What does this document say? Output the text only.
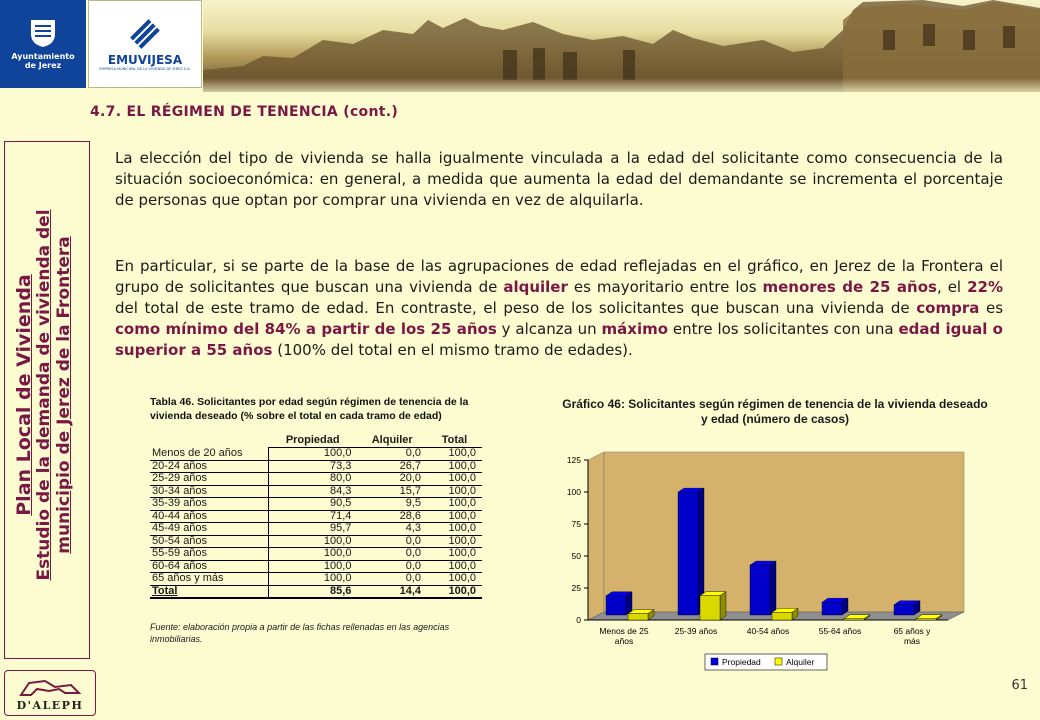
Ayuntamiento
de Jerez	EMUVIJESA
EMPRESA MUNICIPAL DE LA VIVIENDA DE JEREZ S.A.
4.7. EL RÉGIMEN DE TENENCIA (cont.)
Plan Local de Vivienda Estudio de la demanda de vivienda del municipio de Jerez de la Frontera
D'ALEPH

La elección del tipo de vivienda se halla igualmente vinculada a la edad del solicitante como consecuencia de la situación socioeconómica: en general, a medida que aumenta la edad del demandante se incrementa el porcentaje de personas que optan por comprar una vivienda en vez de alquilarla.

En particular, si se parte de la base de las agrupaciones de edad reflejadas en el gráfico, en Jerez de la Frontera el grupo de solicitantes que buscan una vivienda de alquiler es mayoritario entre los menores de 25 años, el 22% del total de este tramo de edad. En contraste, el peso de los solicitantes que buscan una vivienda de compra es como mínimo del 84% a partir de los 25 años y alcanza un máximo entre los solicitantes con una edad igual o superior a 55 años (100% del total en el mismo tramo de edades).

Tabla 46. Solicitantes por edad según régimen de tenencia de la vivienda deseado (% sobre el total en cada tramo de edad)
	Propiedad	Alquiler	Total
Menos de 20 años	100,0	0,0	100,0
20-24 años	73,3	26,7	100,0
25-29 años	80,0	20,0	100,0
30-34 años	84,3	15,7	100,0
35-39 años	90,5	9,5	100,0
40-44 años	71,4	28,6	100,0
45-49 años	95,7	4,3	100,0
50-54 años	100,0	0,0	100,0
55-59 años	100,0	0,0	100,0
60-64 años	100,0	0,0	100,0
65 años y más	100,0	0,0	100,0
Total	85,6	14,4	100,0
Fuente: elaboración propia a partir de las fichas rellenadas en las agencias inmobiliarias.
Gráfico 46: Solicitantes según régimen de tenencia de la vivienda deseado y edad (número de casos)
0
25
50
75
100
125
Menos de 25
años
25-39 años	40-54 años	55-64 años	65 años y
más
Propiedad	Alquiler
61
